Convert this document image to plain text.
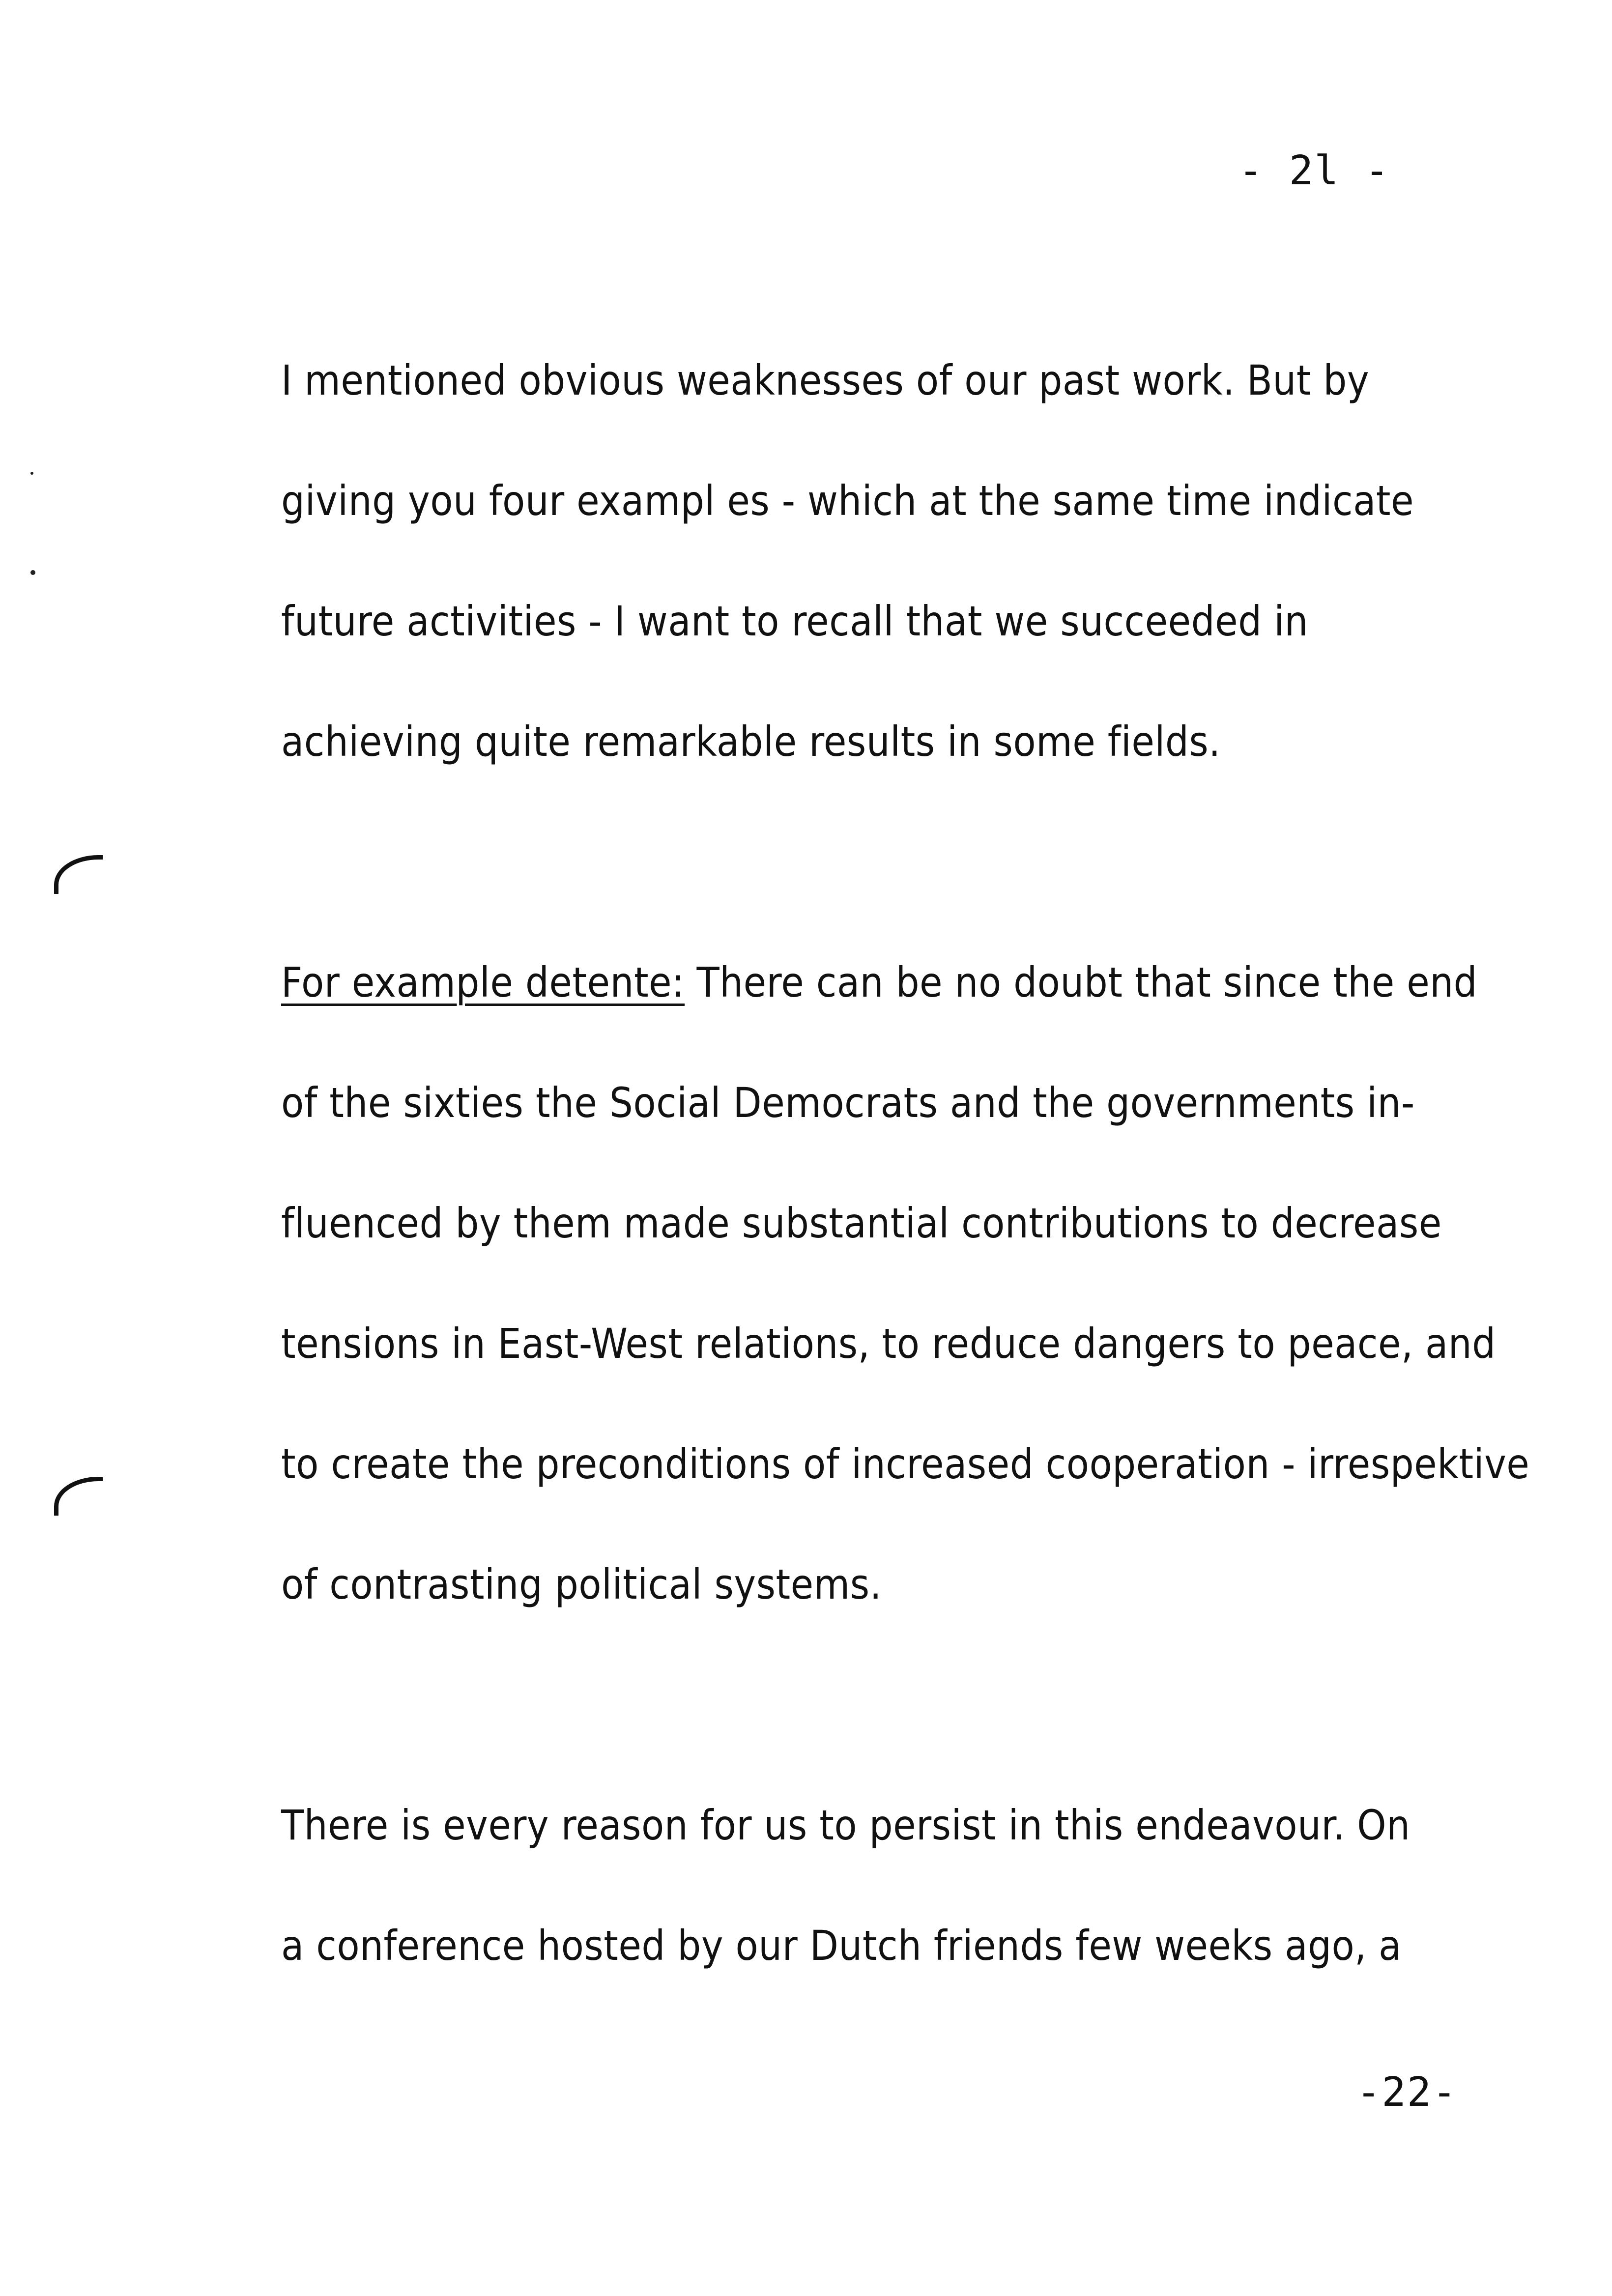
- 2l -
I mentioned obvious weaknesses of our past work. But by
giving you four exampl es - which at the same time indicate
future activities - I want to recall that we succeeded in
achieving quite remarkable results in some fields.
For example detente: There can be no doubt that since the end
of the sixties the Social Democrats and the governments in-
fluenced by them made substantial contributions to decrease
tensions in East-West relations, to reduce dangers to peace, and
to create the preconditions of increased cooperation - irrespektive
of contrasting political systems.
There is every reason for us to persist in this endeavour. On
a conference hosted by our Dutch friends few weeks ago, a
-22-
